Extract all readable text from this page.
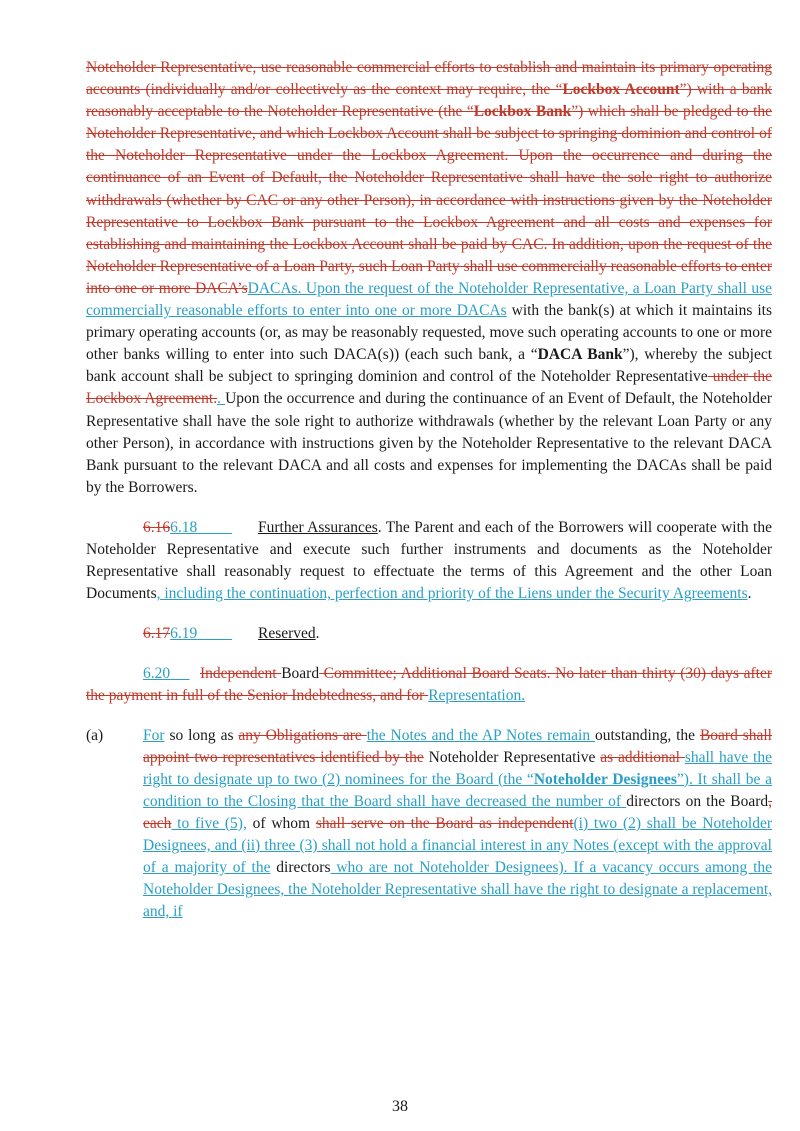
Noteholder Representative, use reasonable commercial efforts to establish and maintain its primary operating accounts (individually and/or collectively as the context may require, the “Lockbox Account”) with a bank reasonably acceptable to the Noteholder Representative (the “Lockbox Bank”) which shall be pledged to the Noteholder Representative, and which Lockbox Account shall be subject to springing dominion and control of the Noteholder Representative under the Lockbox Agreement. Upon the occurrence and during the continuance of an Event of Default, the Noteholder Representative shall have the sole right to authorize withdrawals (whether by CAC or any other Person), in accordance with instructions given by the Noteholder Representative to Lockbox Bank pursuant to the Lockbox Agreement and all costs and expenses for establishing and maintaining the Lockbox Account shall be paid by CAC. In addition, upon the request of the Noteholder Representative of a Loan Party, such Loan Party shall use commercially reasonable efforts to enter into one or more DACA’sDACAs. Upon the request of the Noteholder Representative, a Loan Party shall use commercially reasonable efforts to enter into one or more DACAs with the bank(s) at which it maintains its primary operating accounts (or, as may be reasonably requested, move such operating accounts to one or more other banks willing to enter into such DACA(s)) (each such bank, a “DACA Bank”), whereby the subject bank account shall be subject to springing dominion and control of the Noteholder Representative under the Lockbox Agreement.. Upon the occurrence and during the continuance of an Event of Default, the Noteholder Representative shall have the sole right to authorize withdrawals (whether by the relevant Loan Party or any other Person), in accordance with instructions given by the Noteholder Representative to the relevant DACA Bank pursuant to the relevant DACA and all costs and expenses for implementing the DACAs shall be paid by the Borrowers.

6.166.18	Further Assurances. The Parent and each of the Borrowers will cooperate with the Noteholder Representative and execute such further instruments and documents as the Noteholder Representative shall reasonably request to effectuate the terms of this Agreement and the other Loan Documents, including the continuation, perfection and priority of the Liens under the Security Agreements.

6.176.19	Reserved.

6.20 Independent Board Committee; Additional Board Seats. No later than thirty (30) days after the payment in full of the Senior Indebtedness, and for Representation.

(a)	For so long as any Obligations are the Notes and the AP Notes remain outstanding, the Board shall appoint two representatives identified by the Noteholder Representative as additional shall have the right to designate up to two (2) nominees for the Board (the “Noteholder Designees”). It shall be a condition to the Closing that the Board shall have decreased the number of directors on the Board, each to five (5), of whom shall serve on the Board as independent(i) two (2) shall be Noteholder Designees, and (ii) three (3) shall not hold a financial interest in any Notes (except with the approval of a majority of the directors who are not Noteholder Designees). If a vacancy occurs among the Noteholder Designees, the Noteholder Representative shall have the right to designate a replacement, and, if

38
